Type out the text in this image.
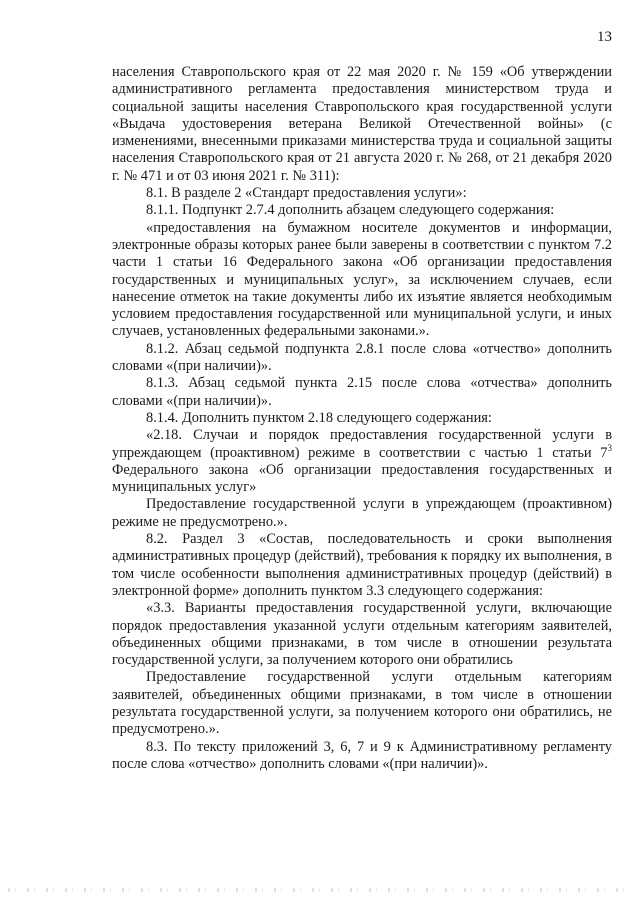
13

населения Ставропольского края от 22 мая 2020 г. № 159 «Об утверждении административного регламента предоставления министерством труда и социальной защиты населения Ставропольского края государственной услуги «Выдача удостоверения ветерана Великой Отечественной войны» (с изменениями, внесенными приказами министерства труда и социальной защиты населения Ставропольского края от 21 августа 2020 г. № 268, от 21 декабря 2020 г. № 471 и от 03 июня 2021 г. № 311):

8.1. В разделе 2 «Стандарт предоставления услуги»:

8.1.1. Подпункт 2.7.4 дополнить абзацем следующего содержания:

«предоставления на бумажном носителе документов и информации, электронные образы которых ранее были заверены в соответствии с пунктом 7.2 части 1 статьи 16 Федерального закона «Об организации предоставления государственных и муниципальных услуг», за исключением случаев, если нанесение отметок на такие документы либо их изъятие является необходимым условием предоставления государственной или муниципальной услуги, и иных случаев, установленных федеральными законами.».

8.1.2. Абзац седьмой подпункта 2.8.1 после слова «отчество» дополнить словами «(при наличии)».

8.1.3. Абзац седьмой пункта 2.15 после слова «отчества» дополнить словами «(при наличии)».

8.1.4. Дополнить пунктом 2.18 следующего содержания:

«2.18. Случаи и порядок предоставления государственной услуги в упреждающем (проактивном) режиме в соответствии с частью 1 статьи $7^3$ Федерального закона «Об организации предоставления государственных и муниципальных услуг»

Предоставление государственной услуги в упреждающем (проактивном) режиме не предусмотрено.».

8.2. Раздел 3 «Состав, последовательность и сроки выполнения административных процедур (действий), требования к порядку их выполнения, в том числе особенности выполнения административных процедур (действий) в электронной форме» дополнить пунктом 3.3 следующего содержания:

«3.3. Варианты предоставления государственной услуги, включающие порядок предоставления указанной услуги отдельным категориям заявителей, объединенных общими признаками, в том числе в отношении результата государственной услуги, за получением которого они обратились

Предоставление государственной услуги отдельным категориям заявителей, объединенных общими признаками, в том числе в отношении результата государственной услуги, за получением которого они обратились, не предусмотрено.».

8.3. По тексту приложений 3, 6, 7 и 9 к Административному регламенту после слова «отчество» дополнить словами «(при наличии)».
